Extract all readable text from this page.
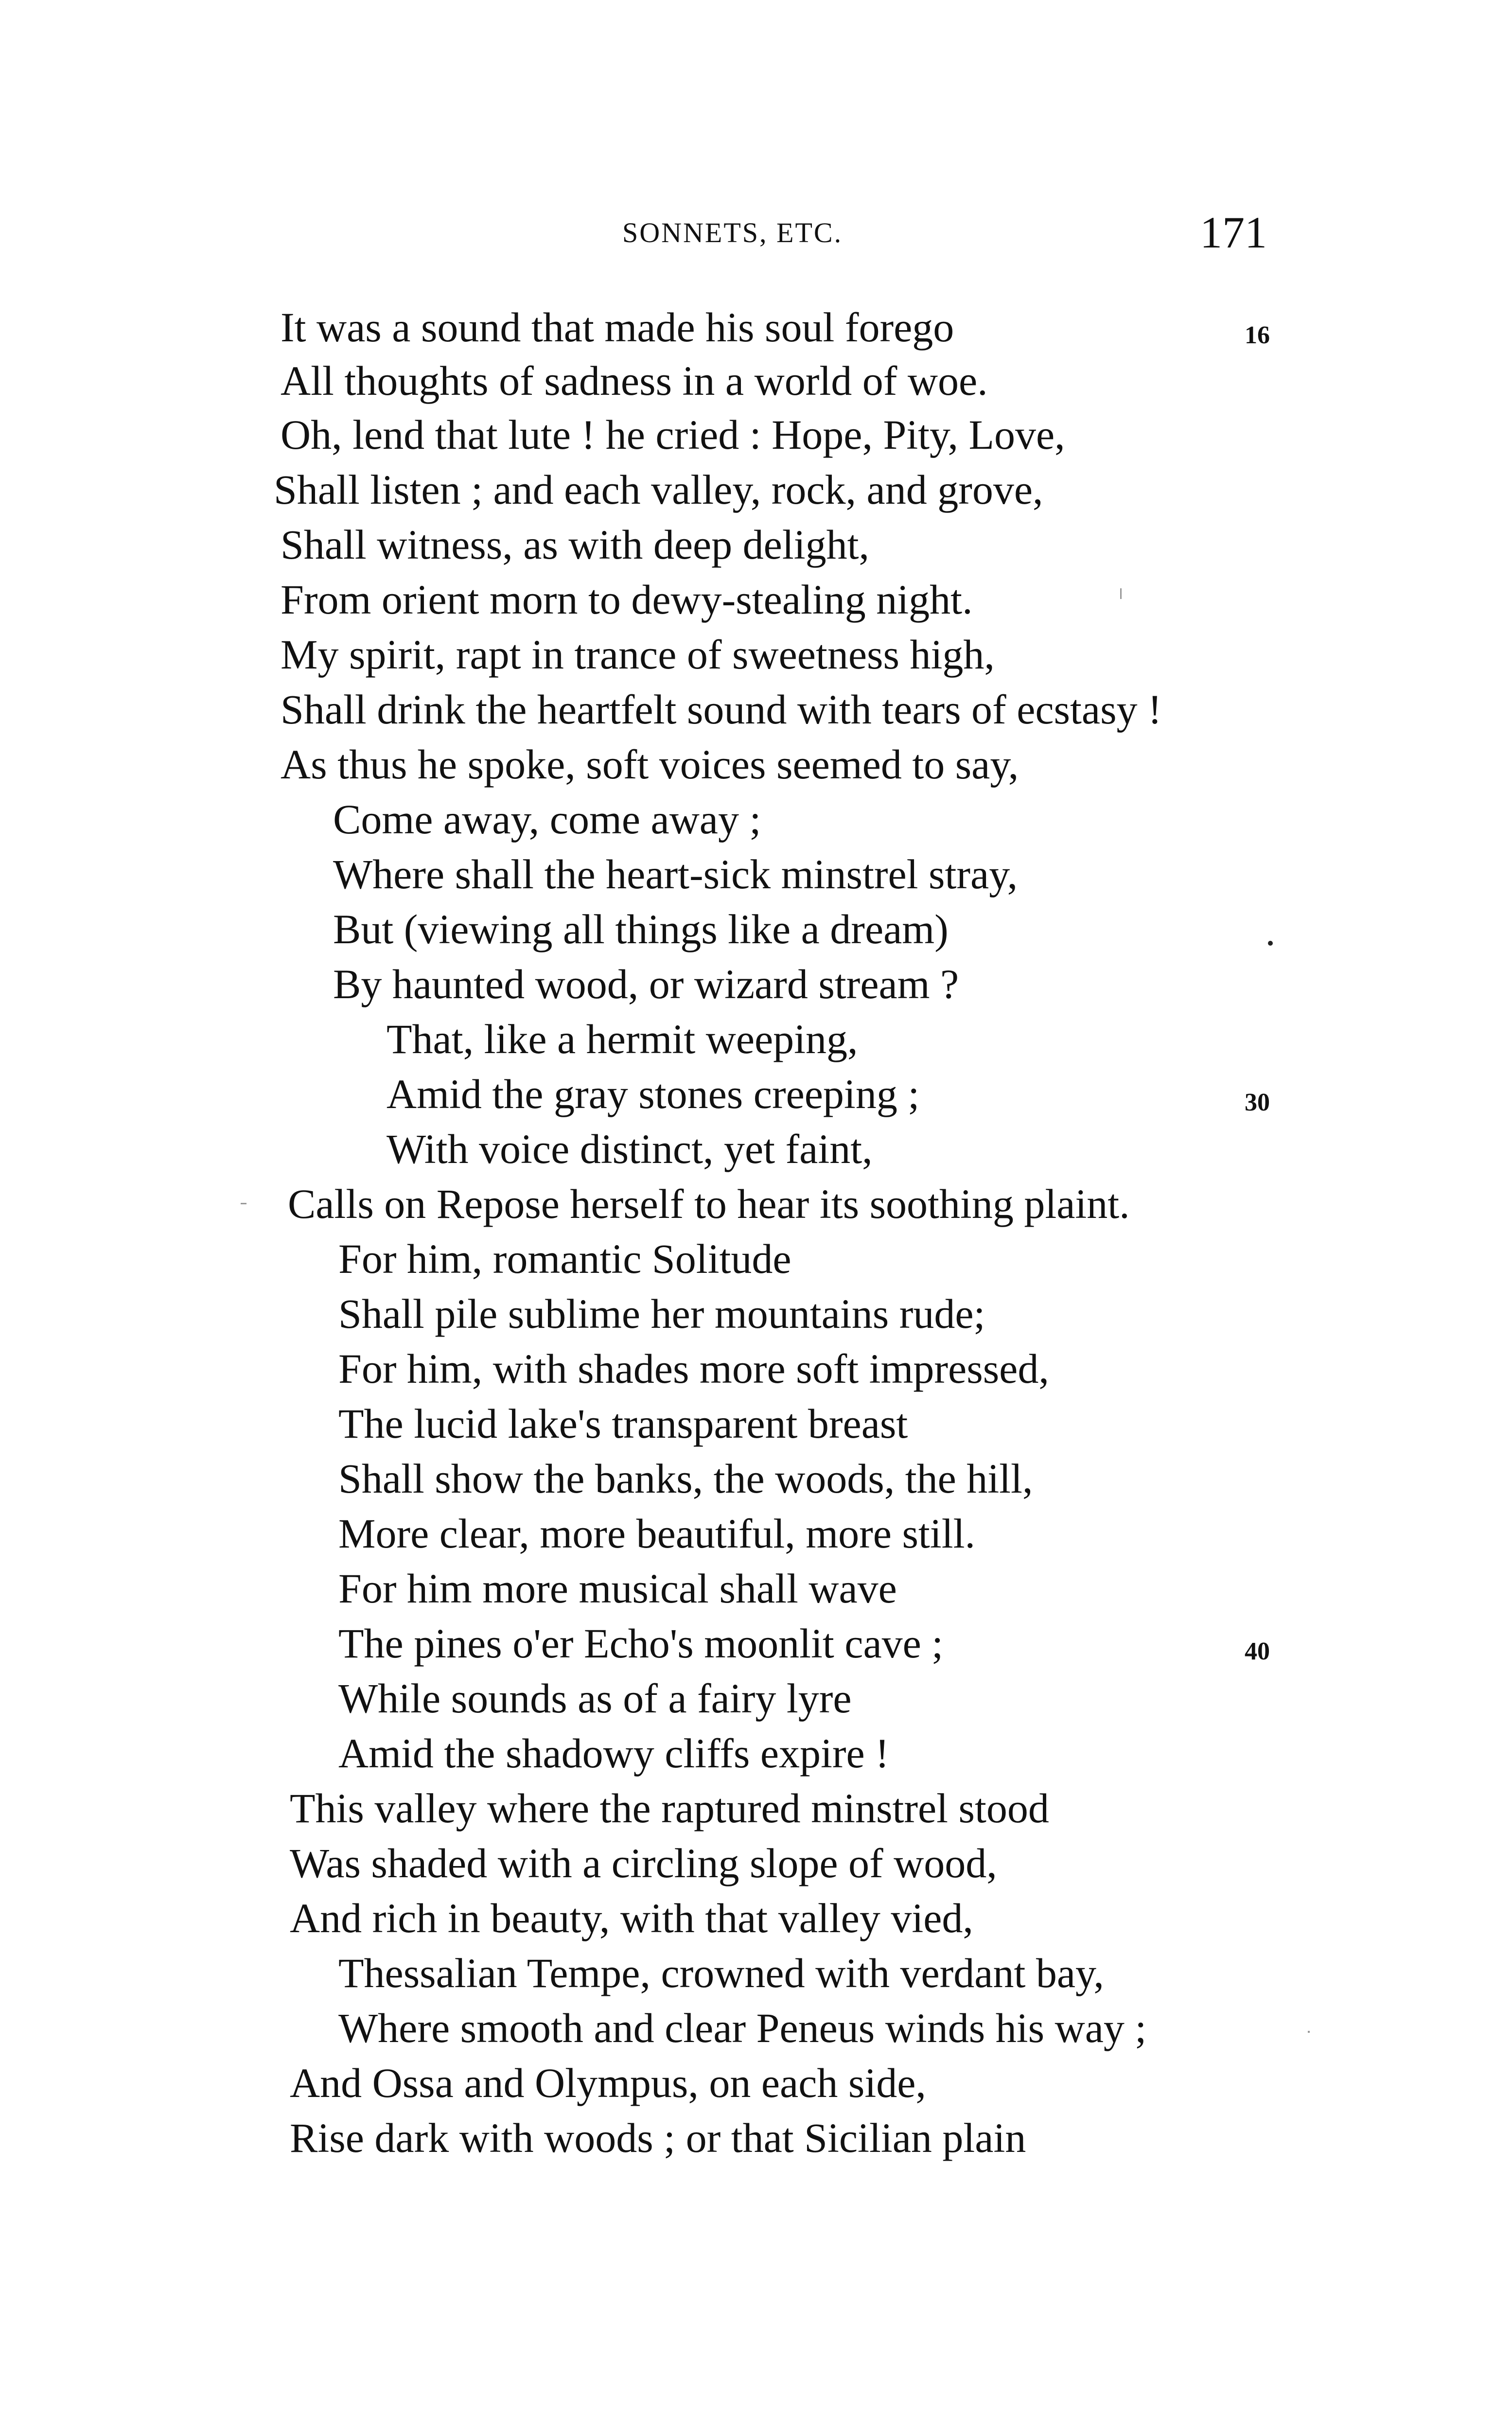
SONNETS, ETC.	171
It was a sound that made his soul forego
All thoughts of sadness in a world of woe.
Oh, lend that lute ! he cried : Hope, Pity, Love,
Shall listen ; and each valley, rock, and grove,
Shall witness, as with deep delight,
From orient morn to dewy-stealing night.
My spirit, rapt in trance of sweetness high,
Shall drink the heartfelt sound with tears of ecstasy !
As thus he spoke, soft voices seemed to say,
Come away, come away ;
Where shall the heart-sick minstrel stray,
But (viewing all things like a dream)
By haunted wood, or wizard stream ?
That, like a hermit weeping,
Amid the gray stones creeping ;
With voice distinct, yet faint,
Calls on Repose herself to hear its soothing plaint.
For him, romantic Solitude
Shall pile sublime her mountains rude;
For him, with shades more soft impressed,
The lucid lake's transparent breast
Shall show the banks, the woods, the hill,
More clear, more beautiful, more still.
For him more musical shall wave
The pines o'er Echo's moonlit cave ;
While sounds as of a fairy lyre
Amid the shadowy cliffs expire !
This valley where the raptured minstrel stood
Was shaded with a circling slope of wood,
And rich in beauty, with that valley vied,
Thessalian Tempe, crowned with verdant bay,
Where smooth and clear Peneus winds his way ;
And Ossa and Olympus, on each side,
Rise dark with woods ; or that Sicilian plain
16
30
40
